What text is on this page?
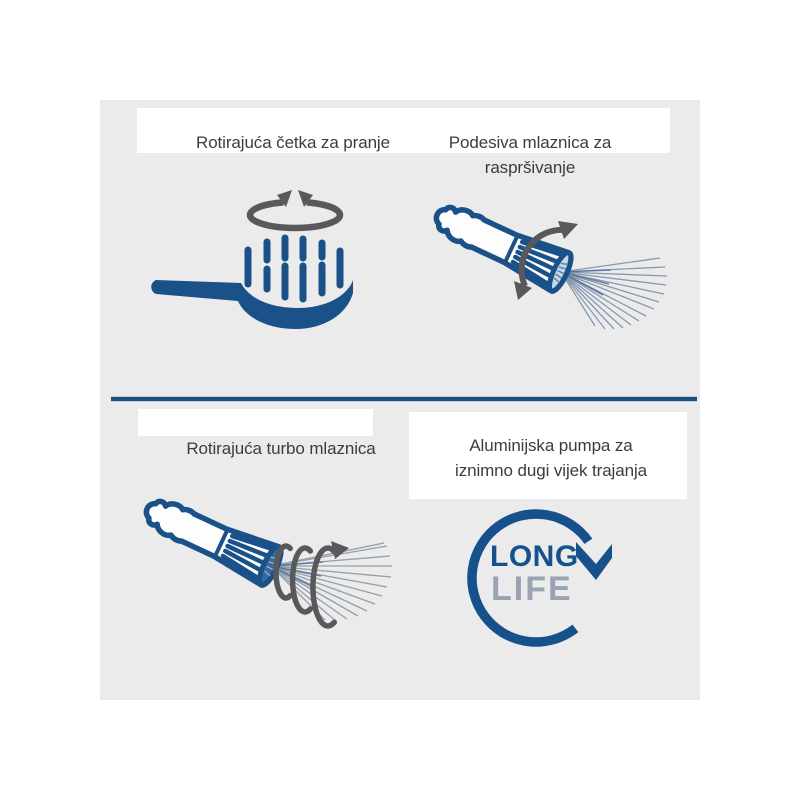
Rotirajuća četka za pranje	Podesiva mlaznica za
raspršivanje
Rotirajuća turbo mlaznica	Aluminijska pumpa za
iznimno dugi vijek trajanja
LONG
LIFE
